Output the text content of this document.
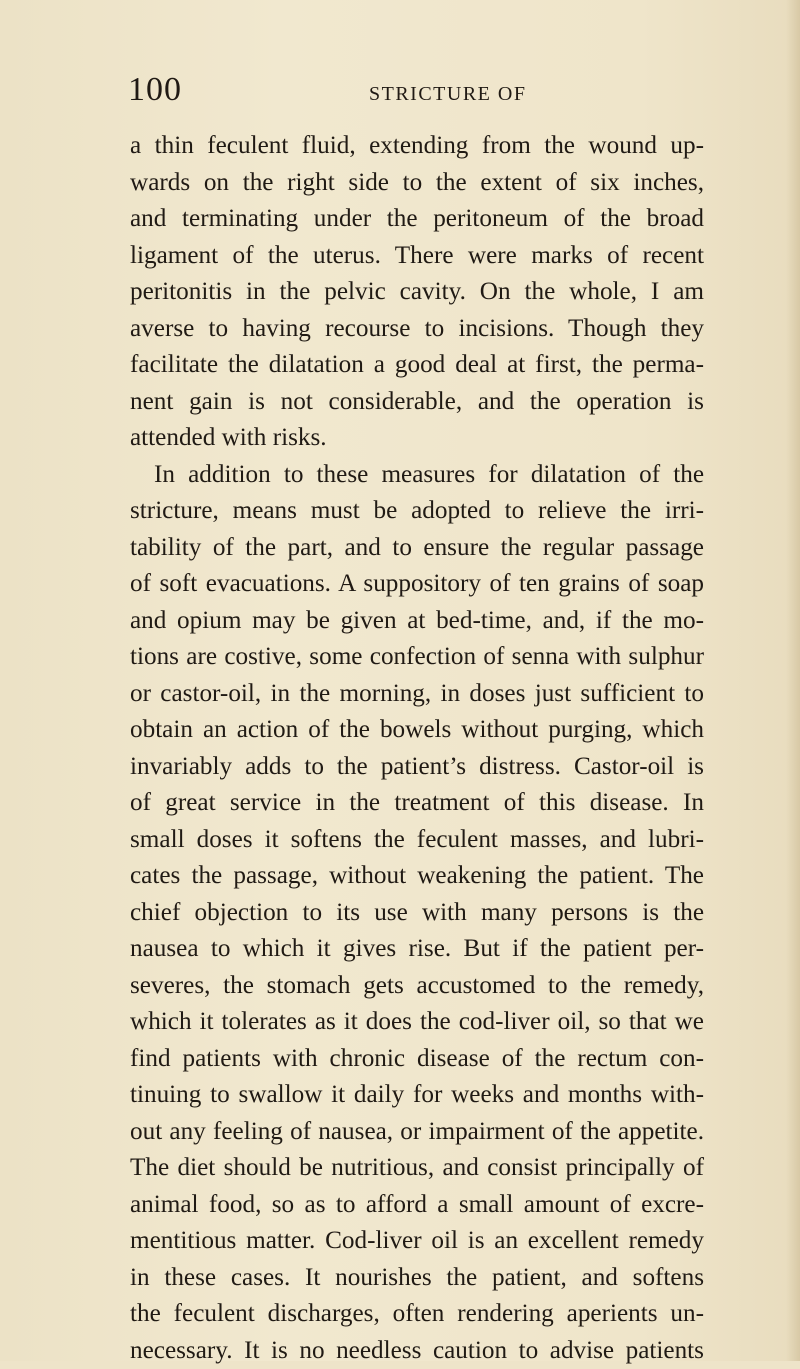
100	STRICTURE OF
a thin feculent fluid, extending from the wound up-
wards on the right side to the extent of six inches,
and terminating under the peritoneum of the broad
ligament of the uterus. There were marks of recent
peritonitis in the pelvic cavity. On the whole, I am
averse to having recourse to incisions. Though they
facilitate the dilatation a good deal at first, the perma-
nent gain is not considerable, and the operation is
attended with risks.
In addition to these measures for dilatation of the
stricture, means must be adopted to relieve the irri-
tability of the part, and to ensure the regular passage
of soft evacuations. A suppository of ten grains of soap
and opium may be given at bed-time, and, if the mo-
tions are costive, some confection of senna with sulphur
or castor-oil, in the morning, in doses just sufficient to
obtain an action of the bowels without purging, which
invariably adds to the patient’s distress. Castor-oil is
of great service in the treatment of this disease. In
small doses it softens the feculent masses, and lubri-
cates the passage, without weakening the patient. The
chief objection to its use with many persons is the
nausea to which it gives rise. But if the patient per-
severes, the stomach gets accustomed to the remedy,
which it tolerates as it does the cod-liver oil, so that we
find patients with chronic disease of the rectum con-
tinuing to swallow it daily for weeks and months with-
out any feeling of nausea, or impairment of the appetite.
The diet should be nutritious, and consist principally of
animal food, so as to afford a small amount of excre-
mentitious matter. Cod-liver oil is an excellent remedy
in these cases. It nourishes the patient, and softens
the feculent discharges, often rendering aperients un-
necessary. It is no needless caution to advise patients
